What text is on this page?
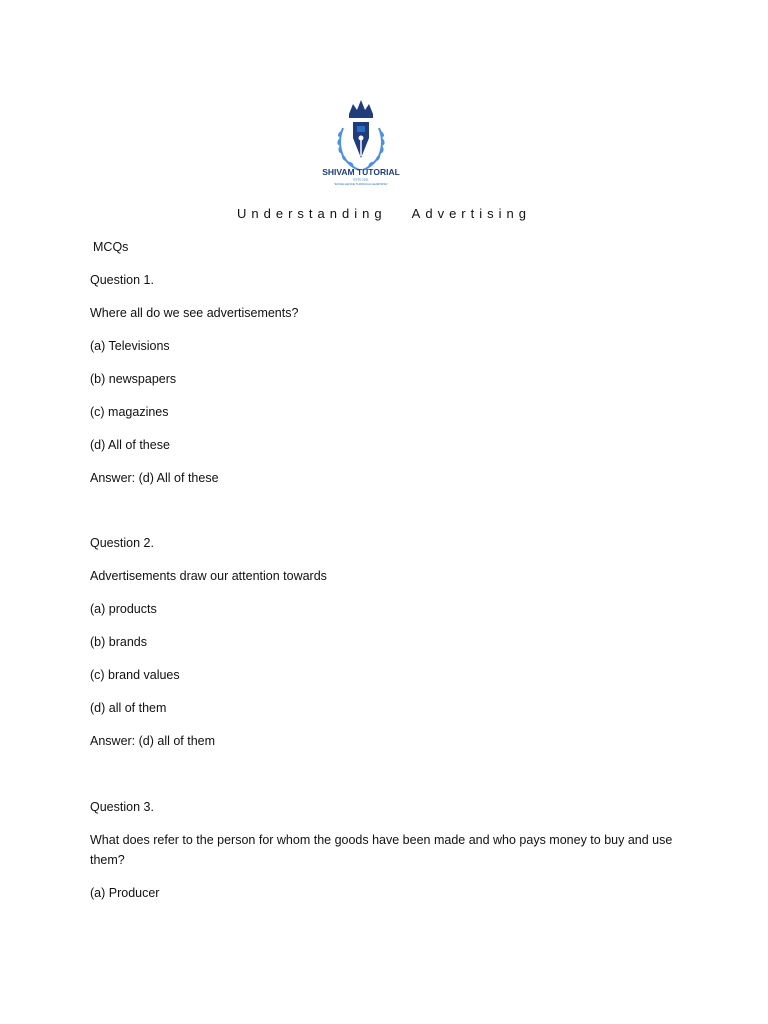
SHIVAM TUTORIAL
ESTD 2011
"EXCELLENCE THROUGH LEARNING"
Understanding   Advertising
MCQs
Question 1.
Where all do we see advertisements?
(a) Televisions
(b) newspapers
(c) magazines
(d) All of these
Answer: (d) All of these
Question 2.
Advertisements draw our attention towards
(a) products
(b) brands
(c) brand values
(d) all of them
Answer: (d) all of them
Question 3.
What does refer to the person for whom the goods have been made and who pays money to buy and use them?
(a) Producer
